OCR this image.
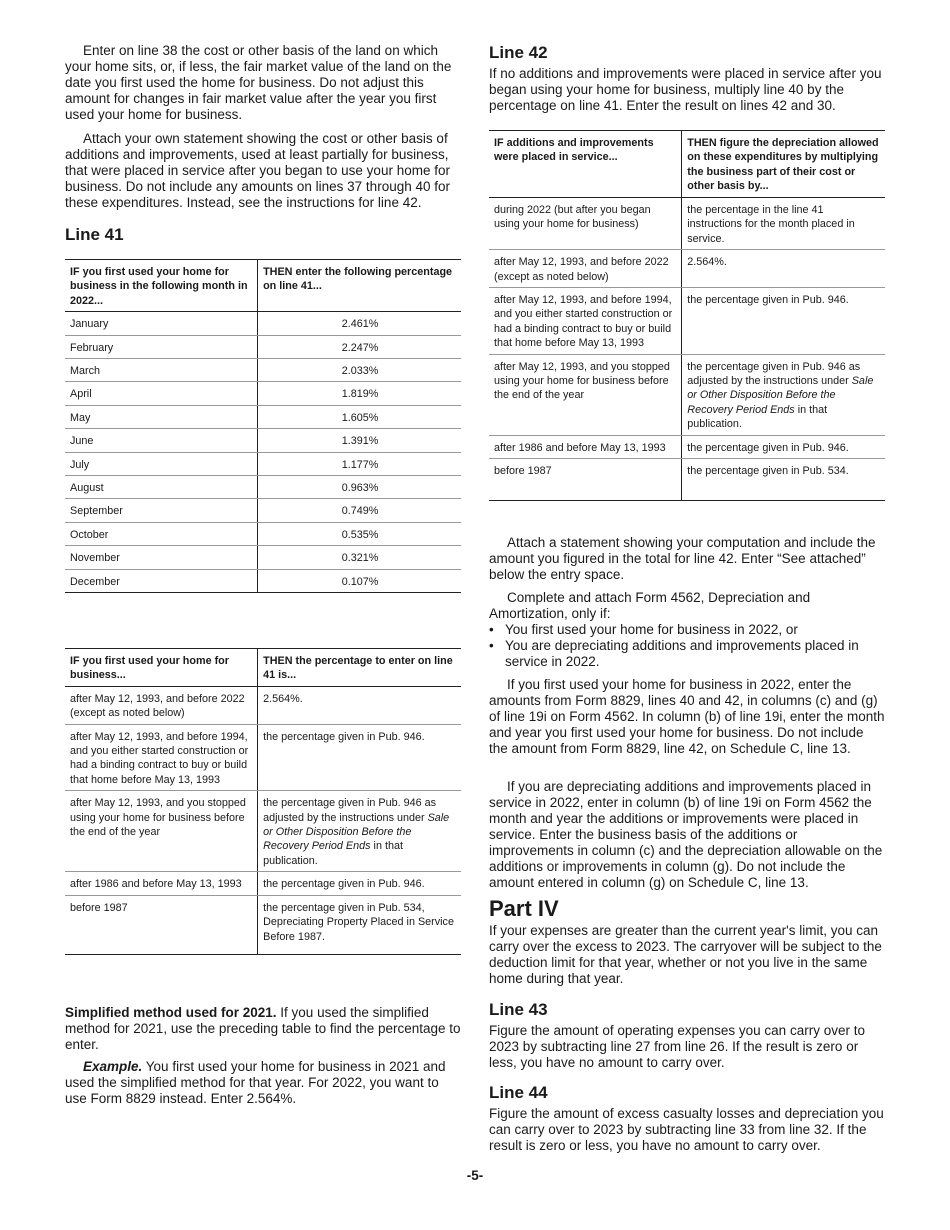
Enter on line 38 the cost or other basis of the land on which your home sits, or, if less, the fair market value of the land on the date you first used the home for business. Do not adjust this amount for changes in fair market value after the year you first used your home for business.

Attach your own statement showing the cost or other basis of additions and improvements, used at least partially for business, that were placed in service after you began to use your home for business. Do not include any amounts on lines 37 through 40 for these expenditures. Instead, see the instructions for line 42.

Line 41
IF you first used your home for business in the following month in 2022...	THEN enter the following percentage on line 41...
January	2.461%
February	2.247%
March	2.033%
April	1.819%
May	1.605%
June	1.391%
July	1.177%
August	0.963%
September	0.749%
October	0.535%
November	0.321%
December	0.107%
IF you first used your home for business...	THEN the percentage to enter on line 41 is...
after May 12, 1993, and before 2022 (except as noted below)	2.564%.
after May 12, 1993, and before 1994, and you either started construction or had a binding contract to buy or build that home before May 13, 1993	the percentage given in Pub. 946.
after May 12, 1993, and you stopped using your home for business before the end of the year	the percentage given in Pub. 946 as adjusted by the instructions under Sale or Other Disposition Before the Recovery Period Ends in that publication.
after 1986 and before May 13, 1993	the percentage given in Pub. 946.
before 1987	the percentage given in Pub. 534, Depreciating Property Placed in Service Before 1987.

Simplified method used for 2021. If you used the simplified method for 2021, use the preceding table to find the percentage to enter.

Example. You first used your home for business in 2021 and used the simplified method for that year. For 2022, you want to use Form 8829 instead. Enter 2.564%.

Line 42

If no additions and improvements were placed in service after you began using your home for business, multiply line 40 by the percentage on line 41. Enter the result on lines 42 and 30.

IF additions and improvements were placed in service...	THEN figure the depreciation allowed on these expenditures by multiplying the business part of their cost or other basis by...
during 2022 (but after you began using your home for business)	the percentage in the line 41 instructions for the month placed in service.
after May 12, 1993, and before 2022 (except as noted below)	2.564%.
after May 12, 1993, and before 1994, and you either started construction or had a binding contract to buy or build that home before May 13, 1993	the percentage given in Pub. 946.
after May 12, 1993, and you stopped using your home for business before the end of the year	the percentage given in Pub. 946 as adjusted by the instructions under Sale or Other Disposition Before the Recovery Period Ends in that publication.
after 1986 and before May 13, 1993	the percentage given in Pub. 946.
before 1987	the percentage given in Pub. 534.

Attach a statement showing your computation and include the amount you figured in the total for line 42. Enter “See attached” below the entry space.

Complete and attach Form 4562, Depreciation and Amortization, only if:

• You first used your home for business in 2022, or

• You are depreciating additions and improvements placed in service in 2022.

If you first used your home for business in 2022, enter the amounts from Form 8829, lines 40 and 42, in columns (c) and (g) of line 19i on Form 4562. In column (b) of line 19i, enter the month and year you first used your home for business. Do not include the amount from Form 8829, line 42, on Schedule C, line 13.

If you are depreciating additions and improvements placed in service in 2022, enter in column (b) of line 19i on Form 4562 the month and year the additions or improvements were placed in service. Enter the business basis of the additions or improvements in column (c) and the depreciation allowable on the additions or improvements in column (g). Do not include the amount entered in column (g) on Schedule C, line 13.

Part IV

If your expenses are greater than the current year's limit, you can carry over the excess to 2023. The carryover will be subject to the deduction limit for that year, whether or not you live in the same home during that year.

Line 43

Figure the amount of operating expenses you can carry over to 2023 by subtracting line 27 from line 26. If the result is zero or less, you have no amount to carry over.

Line 44

Figure the amount of excess casualty losses and depreciation you can carry over to 2023 by subtracting line 33 from line 32. If the result is zero or less, you have no amount to carry over.

-5-
